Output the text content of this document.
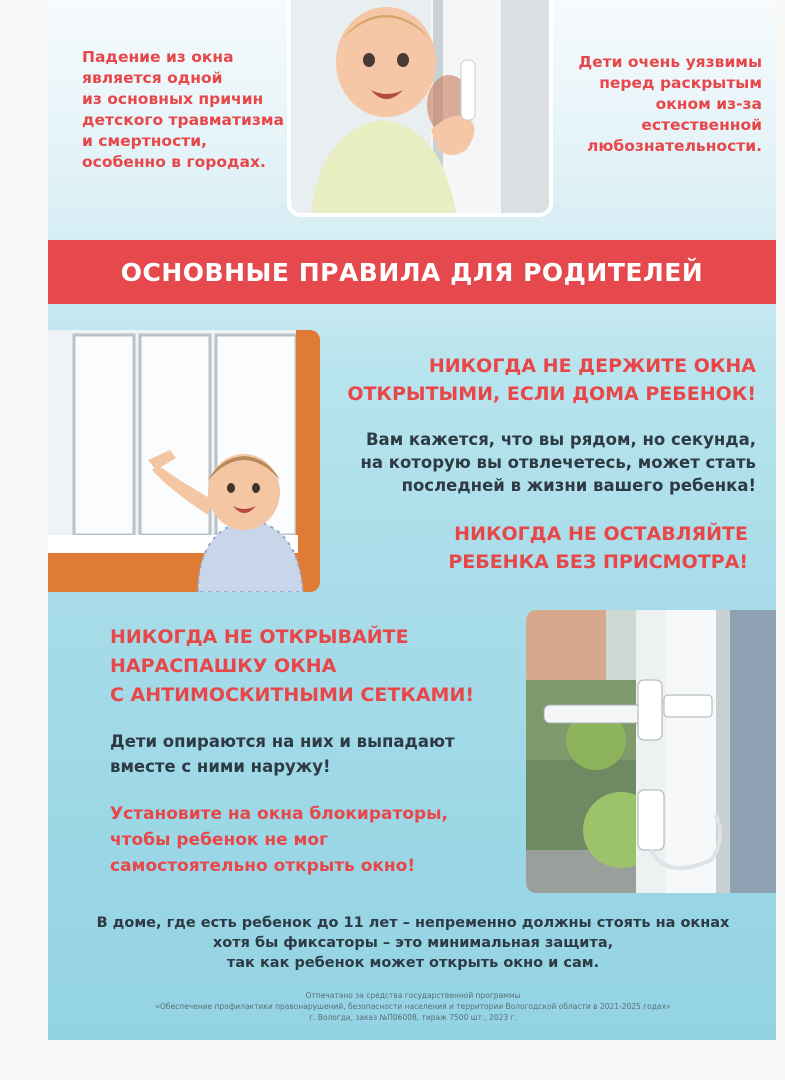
Падение из окна
является одной
из основных причин
детского травматизма
и смертности,
особенно в городах.
Дети очень уязвимы
перед раскрытым
окном из-за
естественной
любознательности.
ОСНОВНЫЕ ПРАВИЛА ДЛЯ РОДИТЕЛЕЙ
НИКОГДА НЕ ДЕРЖИТЕ ОКНА
ОТКРЫТЫМИ, ЕСЛИ ДОМА РЕБЕНОК!
Вам кажется, что вы рядом, но секунда,
на которую вы отвлечетесь, может стать
последней в жизни вашего ребенка!
НИКОГДА НЕ ОСТАВЛЯЙТЕ
РЕБЕНКА БЕЗ ПРИСМОТРА!
НИКОГДА НЕ ОТКРЫВАЙТЕ
НАРАСПАШКУ ОКНА
С АНТИМОСКИТНЫМИ СЕТКАМИ!
Дети опираются на них и выпадают
вместе с ними наружу!
Установите на окна блокираторы,
чтобы ребенок не мог
самостоятельно открыть окно!
В доме, где есть ребенок до 11 лет – непременно должны стоять на окнах
хотя бы фиксаторы – это минимальная защита,
так как ребенок может открыть окно и сам.
Отпечатано за средства государственной программы
«Обеспечение профилактики правонарушений, безопасности населения и территории Вологодской области в 2021-2025 годах»
г. Вологда, заказ №П06008, тираж 7500 шт., 2023 г.
